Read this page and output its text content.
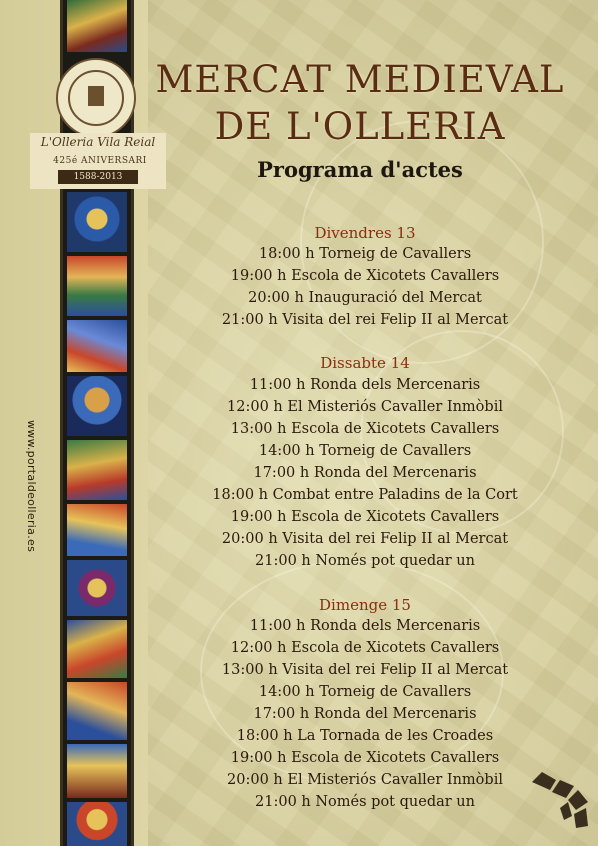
L'Olleria Vila Reial
425é ANIVERSARI
1588-2013
www.portaldeolleria.es
MERCAT MEDIEVAL
DE L'OLLERIA
Programa d'actes
Divendres 13
18:00 h Torneig de Cavallers
19:00 h Escola de Xicotets Cavallers
20:00 h Inauguració del Mercat
21:00 h Visita del rei Felip II al Mercat
Dissabte 14
11:00 h Ronda dels Mercenaris
12:00 h El Misteriós Cavaller Inmòbil
13:00 h Escola de Xicotets Cavallers
14:00 h Torneig de Cavallers
17:00 h Ronda del Mercenaris
18:00 h Combat entre Paladins de la Cort
19:00 h Escola de Xicotets Cavallers
20:00 h Visita del rei Felip II al Mercat
21:00 h Només pot quedar un
Dimenge 15
11:00 h Ronda dels Mercenaris
12:00 h Escola de Xicotets Cavallers
13:00 h Visita del rei Felip II al Mercat
14:00 h Torneig de Cavallers
17:00 h Ronda del Mercenaris
18:00 h La Tornada de les Croades
19:00 h Escola de Xicotets Cavallers
20:00 h El Misteriós Cavaller Inmòbil
21:00 h Només pot quedar un
